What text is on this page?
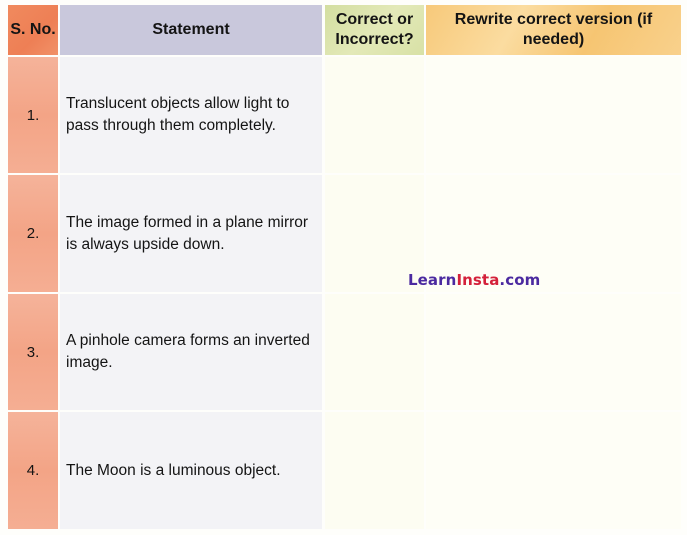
S. No.	Statement
Correct or Incorrect?
Rewrite correct version (if needed)
1.
Translucent objects allow light to pass through them completely.
2.
The image formed in a plane mirror is always upside down.
3.
A pinhole camera forms an inverted image.
4.	The Moon is a luminous object.
LearnInsta.com
